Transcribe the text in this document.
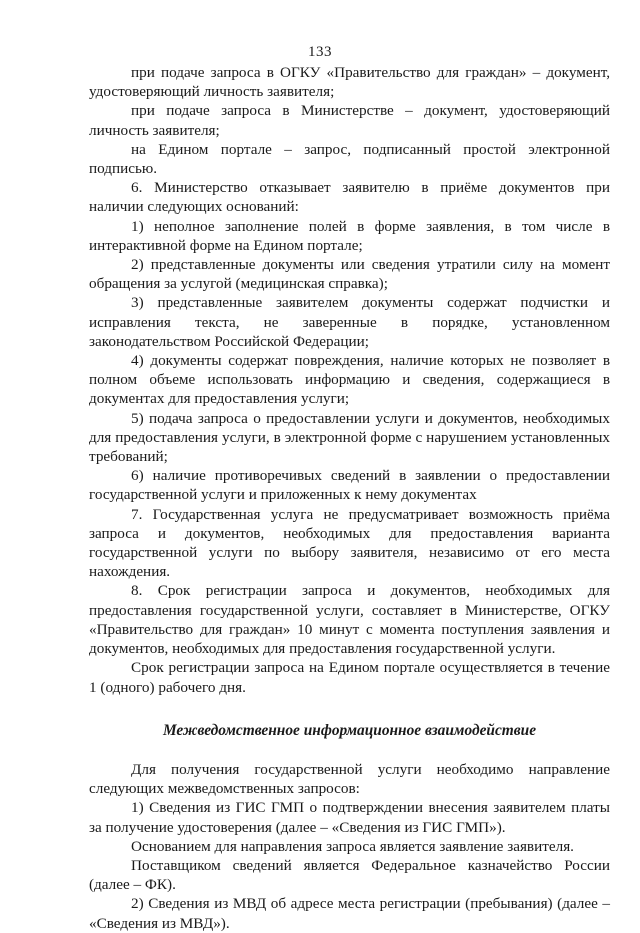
133

при подаче запроса в ОГКУ «Правительство для граждан» – документ, удостоверяющий личность заявителя;

при подаче запроса в Министерстве – документ, удостоверяющий личность заявителя;

на Едином портале – запрос, подписанный простой электронной подписью.

6. Министерство отказывает заявителю в приёме документов при наличии следующих оснований:

1) неполное заполнение полей в форме заявления, в том числе в интерактивной форме на Едином портале;

2) представленные документы или сведения утратили силу на момент обращения за услугой (медицинская справка);

3) представленные заявителем документы содержат подчистки и исправления текста, не заверенные в порядке, установленном законодательством Российской Федерации;

4) документы содержат повреждения, наличие которых не позволяет в полном объеме использовать информацию и сведения, содержащиеся в документах для предоставления услуги;

5) подача запроса о предоставлении услуги и документов, необходимых для предоставления услуги, в электронной форме с нарушением установленных требований;

6) наличие противоречивых сведений в заявлении о предоставлении государственной услуги и приложенных к нему документах

7. Государственная услуга не предусматривает возможность приёма запроса и документов, необходимых для предоставления варианта государственной услуги по выбору заявителя, независимо от его места нахождения.

8. Срок регистрации запроса и документов, необходимых для предоставления государственной услуги, составляет в Министерстве, ОГКУ «Правительство для граждан» 10 минут с момента поступления заявления и документов, необходимых для предоставления государственной услуги.

Срок регистрации запроса на Едином портале осуществляется в течение 1 (одного) рабочего дня.

Межведомственное информационное взаимодействие

Для получения государственной услуги необходимо направление следующих межведомственных запросов:

1) Сведения из ГИС ГМП о подтверждении внесения заявителем платы за получение удостоверения (далее – «Сведения из ГИС ГМП»).

Основанием для направления запроса является заявление заявителя.

Поставщиком сведений является Федеральное казначейство России (далее – ФК).

2) Сведения из МВД об адресе места регистрации (пребывания) (далее – «Сведения из МВД»).
